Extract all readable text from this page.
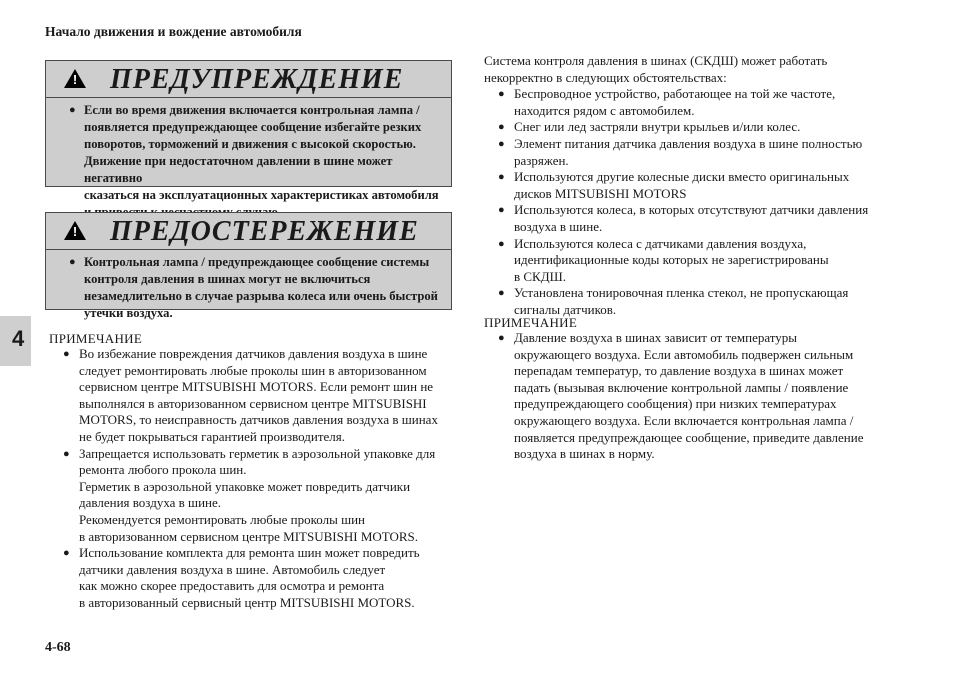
Начало движения и вождение автомобиля
4
! ПРЕДУПРЕЖДЕНИЕ
● Если во время движения включается контрольная лампа /
появляется предупреждающее сообщение избегайте резких
поворотов, торможений и движения с высокой скоростью.
Движение при недостаточном давлении в шине может негативно
сказаться на эксплуатационных характеристиках автомобиля
! ПРЕДОСТЕРЕЖЕНИЕ
● Контрольная лампа / предупреждающее сообщение системы
контроля давления в шинах могут не включиться
незамедлительно в случае разрыва колеса или очень быстрой
утечки воздуха.
ПРИМЕЧАНИЕ
● Во избежание повреждения датчиков давления воздуха в шине
следует ремонтировать любые проколы шин в авторизованном
сервисном центре MITSUBISHI MOTORS. Если ремонт шин не
выполнялся в авторизованном сервисном центре MITSUBISHI
MOTORS, то неисправность датчиков давления воздуха в шинах
не будет покрываться гарантией производителя.
● Запрещается использовать герметик в аэрозольной упаковке для
ремонта любого прокола шин.
Герметик в аэрозольной упаковке может повредить датчики
давления воздуха в шине.
Рекомендуется ремонтировать любые проколы шин
в авторизованном сервисном центре MITSUBISHI MOTORS.
● Использование комплекта для ремонта шин может повредить
датчики давления воздуха в шине. Автомобиль следует
как можно скорее предоставить для осмотра и ремонта
в авторизованный сервисный центр MITSUBISHI MOTORS.
Система контроля давления в шинах (СКДШ) может работать
некорректно в следующих обстоятельствах:
● Беспроводное устройство, работающее на той же частоте,
находится рядом с автомобилем.
● Снег или лед застряли внутри крыльев и/или колес.
● Элемент питания датчика давления воздуха в шине полностью
разряжен.
● Используются другие колесные диски вместо оригинальных
дисков MITSUBISHI MOTORS
● Используются колеса, в которых отсутствуют датчики давления
воздуха в шине.
● Используются колеса с датчиками давления воздуха,
идентификационные коды которых не зарегистрированы
в СКДШ.
● Установлена тонировочная пленка стекол, не пропускающая
сигналы датчиков.
ПРИМЕЧАНИЕ
● Давление воздуха в шинах зависит от температуры
окружающего воздуха. Если автомобиль подвержен сильным
перепадам температур, то давление воздуха в шинах может
падать (вызывая включение контрольной лампы / появление
предупреждающего сообщения) при низких температурах
окружающего воздуха. Если включается контрольная лампа /
появляется предупреждающее сообщение, приведите давление
воздуха в шинах в норму.
4-68
